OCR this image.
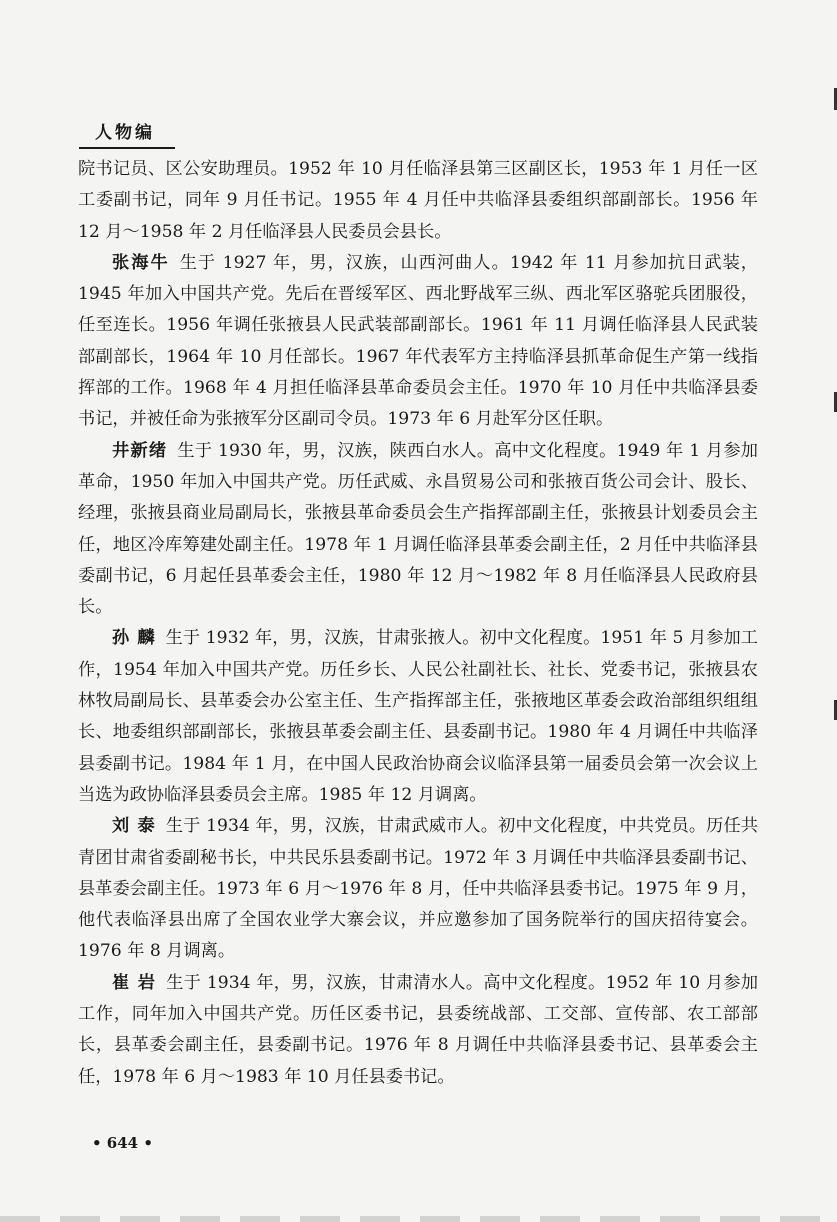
人物编

院书记员、区公安助理员。1952 年 10 月任临泽县第三区副区长，1953 年 1 月任一区工委副书记，同年 9 月任书记。1955 年 4 月任中共临泽县委组织部副部长。1956 年 12 月～1958 年 2 月任临泽县人民委员会县长。

张海牛 生于 1927 年，男，汉族，山西河曲人。1942 年 11 月参加抗日武装，1945 年加入中国共产党。先后在晋绥军区、西北野战军三纵、西北军区骆驼兵团服役，任至连长。1956 年调任张掖县人民武装部副部长。1961 年 11 月调任临泽县人民武装部副部长，1964 年 10 月任部长。1967 年代表军方主持临泽县抓革命促生产第一线指挥部的工作。1968 年 4 月担任临泽县革命委员会主任。1970 年 10 月任中共临泽县委书记，并被任命为张掖军分区副司令员。1973 年 6 月赴军分区任职。

井新绪 生于 1930 年，男，汉族，陕西白水人。高中文化程度。1949 年 1 月参加革命，1950 年加入中国共产党。历任武威、永昌贸易公司和张掖百货公司会计、股长、经理，张掖县商业局副局长，张掖县革命委员会生产指挥部副主任，张掖县计划委员会主任，地区冷库筹建处副主任。1978 年 1 月调任临泽县革委会副主任，2 月任中共临泽县委副书记，6 月起任县革委会主任，1980 年 12 月～1982 年 8 月任临泽县人民政府县长。

孙 麟 生于 1932 年，男，汉族，甘肃张掖人。初中文化程度。1951 年 5 月参加工作，1954 年加入中国共产党。历任乡长、人民公社副社长、社长、党委书记，张掖县农林牧局副局长、县革委会办公室主任、生产指挥部主任，张掖地区革委会政治部组织组组长、地委组织部副部长，张掖县革委会副主任、县委副书记。1980 年 4 月调任中共临泽县委副书记。1984 年 1 月，在中国人民政治协商会议临泽县第一届委员会第一次会议上当选为政协临泽县委员会主席。1985 年 12 月调离。

刘 泰 生于 1934 年，男，汉族，甘肃武威市人。初中文化程度，中共党员。历任共青团甘肃省委副秘书长，中共民乐县委副书记。1972 年 3 月调任中共临泽县委副书记、县革委会副主任。1973 年 6 月～1976 年 8 月，任中共临泽县委书记。1975 年 9 月，他代表临泽县出席了全国农业学大寨会议，并应邀参加了国务院举行的国庆招待宴会。1976 年 8 月调离。

崔 岩 生于 1934 年，男，汉族，甘肃清水人。高中文化程度。1952 年 10 月参加工作，同年加入中国共产党。历任区委书记，县委统战部、工交部、宣传部、农工部部长，县革委会副主任，县委副书记。1976 年 8 月调任中共临泽县委书记、县革委会主任，1978 年 6 月～1983 年 10 月任县委书记。

• 644 •
